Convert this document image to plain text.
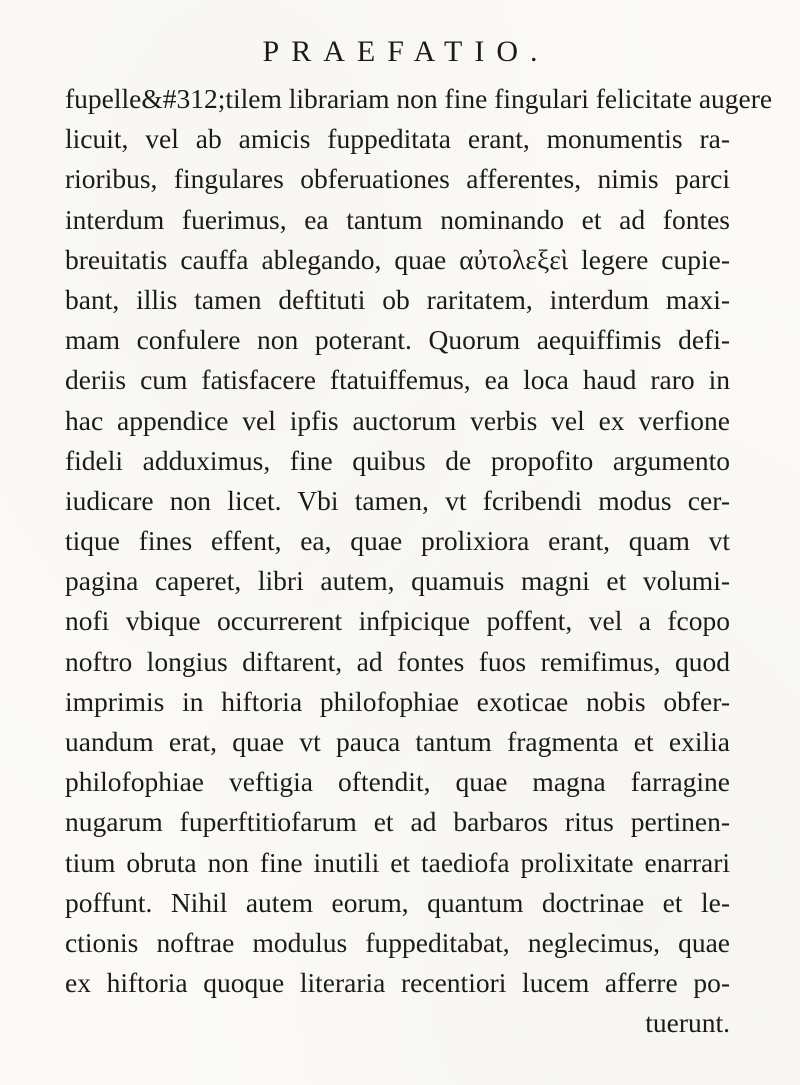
PRAEFATIO.
fupelle&#312;tilem librariam non fine fingulari felicitate augere
licuit, vel ab amicis fuppeditata erant, monumentis ra-
rioribus, fingulares obferuationes afferentes, nimis parci
interdum fuerimus, ea tantum nominando et ad fontes
breuitatis cauffa ablegando, quae αὐτολεξεὶ legere cupie-
bant, illis tamen deftituti ob raritatem, interdum maxi-
mam confulere non poterant. Quorum aequiffimis defi-
deriis cum fatisfacere ftatuiffemus, ea loca haud raro in
hac appendice vel ipfis auctorum verbis vel ex verfione
fideli adduximus, fine quibus de propofito argumento
iudicare non licet. Vbi tamen, vt fcribendi modus cer-
tique fines effent, ea, quae prolixiora erant, quam vt
pagina caperet, libri autem, quamuis magni et volumi-
nofi vbique occurrerent infpicique poffent, vel a fcopo
noftro longius diftarent, ad fontes fuos remifimus, quod
imprimis in hiftoria philofophiae exoticae nobis obfer-
uandum erat, quae vt pauca tantum fragmenta et exilia
philofophiae veftigia oftendit, quae magna farragine
nugarum fuperftitiofarum et ad barbaros ritus pertinen-
tium obruta non fine inutili et taediofa prolixitate enarrari
poffunt. Nihil autem eorum, quantum doctrinae et le-
ctionis noftrae modulus fuppeditabat, neglecimus, quae
ex hiftoria quoque literaria recentiori lucem afferre po-
tuerunt.
